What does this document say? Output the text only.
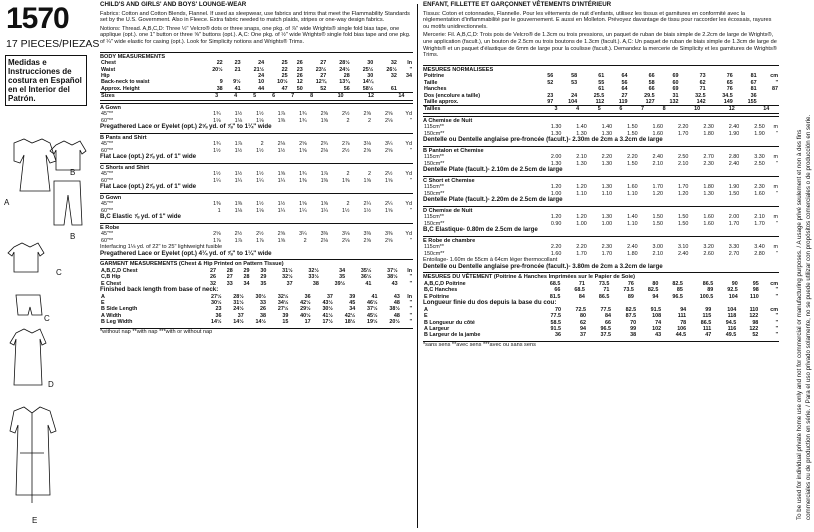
1570
17 PIECES/PIEZAS
Medidas e Instrucciones de costura en Español en el Interior del Patrón.
A
B
B
C
C
D
E

CHILD'S AND GIRLS' AND BOYS' LOUNGE-WEAR

Fabrics: Cotton and Cotton Blends, Flannel. If used as sleepwear, use fabrics and trims that meet the Flammability Standards set by the U.S. Government. Also in Fleece. Extra fabric needed to match plaids, stripes or one-way design fabrics.

Notions: Thread. A,B,C,D: Three ½" Velcro® dots or three snaps, one pkg. of ⅞" wide Wrights® single fold bias tape, one applique (opt.). one 1" button or three ⅝" buttons (opt.). A,C: One pkg. of ½" wide Wrights® single fold bias tape and one pkg. of ¼" wide elastic for casing (opt.). Look for Simplicity notions and Wrights® Trims.

BODY MEASUREMENTS
Chest	22	23	24	25	26	27	28½	30	32	In
Waist	20½	21	21½	22	23	23½	24½	25½	26½	"
Hip			24	25	26	27	28	30	32	34
Back-neck to waist	9	9½	10	10½	12	12¾	13¾	14¼		
Approx. Height	38	41	44	47	50	52	56	58½	61	
Sizes	3	4	5	6	7	8	10	12	14	
A Gown
45"**	1¾	1½	1½	1⅞	1¾	2⅝	2½	2⅝	2⅝	Yd
60"**	1⅛	1⅛	1⅛	1⅜	1¾	1⅝	2	2	2⅛	"
Pregathered Lace or Eyelet (opt.) 2⅝ yd. of ⅞" to 1¼" wide
B Pants and Shirt
45"**	1¾	1⅞	2	2⅛	2⅝	2¾	2⅞	3⅛	3¼	Yd
60"**	1½	1½	1½	1½	1⅝	2⅛	2½	2⅝	2⅝	"
Flat Lace (opt.) 2⅞ yd. of 1" wide
C Shorts and Shirt
45"**	1½	1½	1½	1⅝	1¾	1⅞	2	2	2½	Yd
60"**	1¼	1¼	1¼	1¼	1⅜	1⅜	1⅜	1⅝	1⅝	"
Flat Lace (opt.) 2⅞ yd. of 1" wide
D Gown
45"**	1⅜	1⅜	1½	1½	1⅝	1⅝	2	2¼	2¼	Yd
60"**	1	1⅛	1⅛	1¼	1¼	1¼	1½	1½	1⅝	"
B,C Elastic ⅞ yd. of 1" wide
E Robe
45"**	2⅝	2½	2½	2⅝	3¼	3⅜	3⅛	3⅜	3⅜	Yd
60"**	1⅞	1⅞	1⅞	1⅝	2	2⅛	2⅛	2⅝	2⅝	"
Interfacing 1⅛ yd. of 22" to 25" lightweight fusible
Pregathered Lace or Eyelet (opt.) 4¼ yd. of ⅞" to 1¼" wide
GARMENT MEASUREMENTS (Chest & Hip Printed on Pattern Tissue)
A,B,C,D Chest	27	28	29	30	31½	32½	34	35½	37½	In
C,B Hip	26	27	28	29	32½	33½	35	36½	38½	"
E Chest	32	33	34	35	37	38	39½	41	43	"
Finished back length from base of neck:
A	27½	28½	30½	32½	36	37	39	41	43	In
E	30½	31½	33	34½	42½	43½	45	46½	48	"
B Side Length	23	24½	26	27½	29½	30½	34	37½	38½	"
A Width	36	37	38	39	40½	41½	42½	45½	48	"
B Leg Width	14½	14½	14½	15	17	17½	18½	19½	20½	"
*without nap **with nap ***with or without nap

ENFANT, FILLETTE ET GARÇONNET VÊTEMENTS D'INTÉRIEUR

Tissus: Coton et cotonnades, Flannelle. Pour les vêtements de nuit d'enfants, utilisez les tissus et garnitures en conformité avec la réglementation d'inflammabilité par le gouvernement. E aussi en Molleton. Prévoyez davantage de tissu pour raccorder les écossais, rayures ou motifs unidirectionnels.

Mercerie: Fil. A,B,C,D: Trois pois de Velcro® de 1.3cm ou trois pressions, un paquet de ruban de biais simple de 2.2cm de large de Wrights®, une application (facult.), un bouton de 2.5cm ou trois boutons de 1.3cm (facult.). A,C: Un paquet de ruban de biais simple de 1.3cm de large de Wrights® et un paquet d'élastique de 6mm de large pour la coulisse (facult.). Demandez la mercerie de Simplicity et les garnitures de Wrights® Trims.

MESURES NORMALISEES
Poitrine	56	58	61	64	66	69	73	76	81	cm
Taille	52	53	55	56	58	60	62	65	67	"
Hanches			61	64	66	69	71	76	81	87
Dos (encolure a taille)	23	24	25.5	27	29.5	31	32.5	34.5	36	
Taille approx.	97	104	112	119	127	132	142	149	155	
Tailles	3	4	5	6	7	8	10	12	14	
A Chemise de Nuit
115cm**	1.30	1.40	1.40	1.50	1.60	2.20	2.30	2.40	2.50	m
150cm**	1.30	1.30	1.30	1.50	1.60	1.70	1.80	1.90	1.90	"
Dentelle ou Dentelle anglaise pre-froncée (facult.)- 2.30m de 2cm a 3.2cm de large
B Pantalon et Chemise
115cm**	2.00	2.10	2.20	2.20	2.40	2.50	2.70	2.80	3.30	m
150cm**	1.30	1.30	1.30	1.50	2.10	2.10	2.30	2.40	2.50	"
Dentelle Plate (facult.)- 2.10m de 2.5cm de large
C Short et Chemise
115cm**	1.20	1.20	1.30	1.60	1.70	1.70	1.80	1.90	2.30	m
150cm**	1.00	1.10	1.10	1.10	1.20	1.20	1.30	1.50	1.60	"
Dentelle Plate (facult.)- 2.20m de 2.5cm de large
D Chemise de Nuit
115cm**	1.20	1.20	1.30	1.40	1.50	1.50	1.60	2.00	2.10	m
150cm**	0.90	1.00	1.00	1.10	1.50	1.50	1.60	1.70	1.70	"
B,C Elastique- 0.80m de 2.5cm de large
E Robe de chambre
115cm**	2.20	2.20	2.30	2.40	3.00	3.10	3.20	3.30	3.40	m
150cm**	1.60	1.70	1.70	1.80	2.10	2.40	2.60	2.70	2.80	"
Entoilage- 1.60m de 55cm à 64cm léger thermocollant
Dentelle ou Dentelle anglaise pre-froncée (facult.)- 3.80m de 2cm a 3.2cm de large
MESURES DU VÊTEMENT (Poitrine & Hanches Imprimées sur le Papier de Soie)
A,B,C,D Poitrine	68.5	71	73.5	76	80	82.5	86.5	90	95	cm
B,C Hanches	66	68.5	71	73.5	82.5	85	89	92.5	98	"
E Poitrine	81.5	84	86.5	89	94	96.5	100.5	104	110	"
Longueur finie du dos depuis la base du cou:
A	70	72.5	77.5	82.5	91.5	94	99	104	110	cm
E	77.5	80	84	87.5	108	111	115	118	122	"
B Longueur du côté	58.5	62	66	70	74	78	86.5	94.5	98	"
A Largeur	91.5	94	96.5	99	102	106	111	116	122	"
B Largeur de la jambe	36	37	37.5	38	43	44.5	47	49.5	52	"
*sans sens **avec sens ***avec ou sans sens	To be used for individual private home use only and not for commercial or manufacturing purposes. / A usage privé seulement et non à des fins commerciales ou de production en série. / Para el uso privado solamente, no se puede utilizar con propósitos comerciales o de producción en serie.
